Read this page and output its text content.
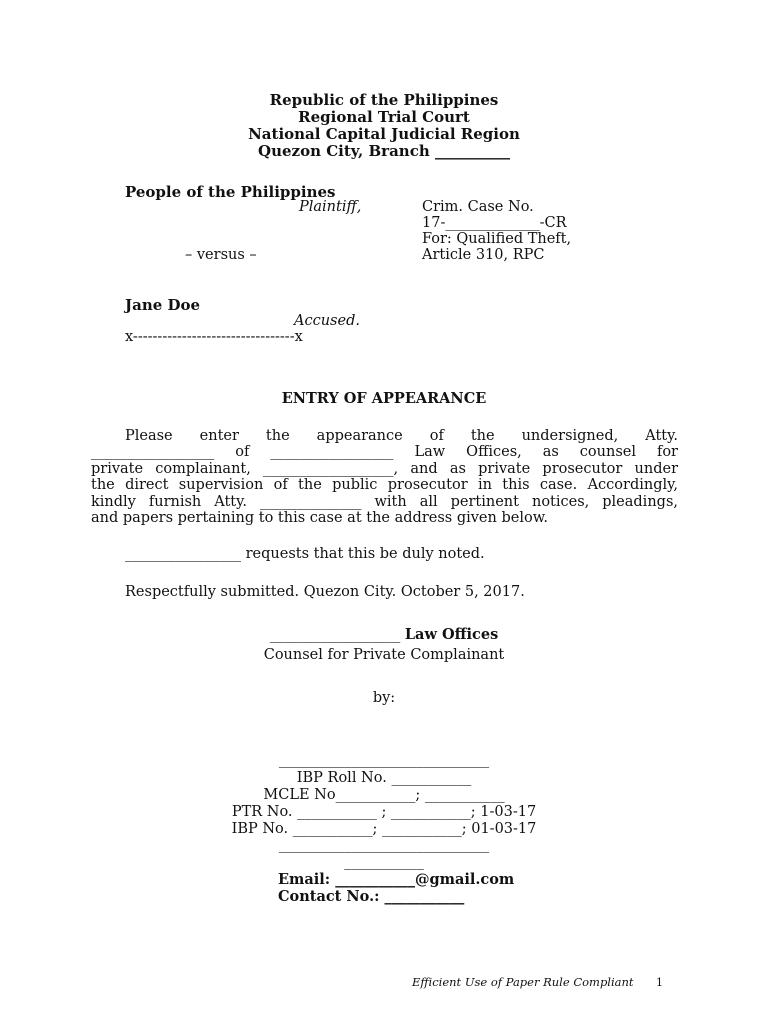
Republic of the Philippines
Regional Trial Court
National Capital Judicial Region
Quezon City, Branch __________
People of the Philippines
Plaintiff,
– versus –
Jane Doe
Accused.
x---------------------------------x
Crim. Case No.
17-_____________-CR
For: Qualified Theft,
Article 310, RPC
ENTRY OF APPEARANCE
Please enter the appearance of the undersigned, Atty.
_________________ of _________________ Law Offices, as counsel for
private complainant, __________________, and as private prosecutor under
the direct supervision of the public prosecutor in this case. Accordingly,
kindly furnish Atty. ______________ with all pertinent notices, pleadings,
and papers pertaining to this case at the address given below.
________________ requests that this be duly noted.
Respectfully submitted. Quezon City. October 5, 2017.
__________________ Law Offices
Counsel for Private Complainant
by:
_____________________________
IBP Roll No. ___________
MCLE No___________; ___________
PTR No. ___________ ; ___________; 1-03-17
IBP No. ___________; ___________; 01-03-17
_____________________________
___________
Email: ___________@gmail.com
Contact No.: ___________
Efficient Use of Paper Rule Compliant 1
